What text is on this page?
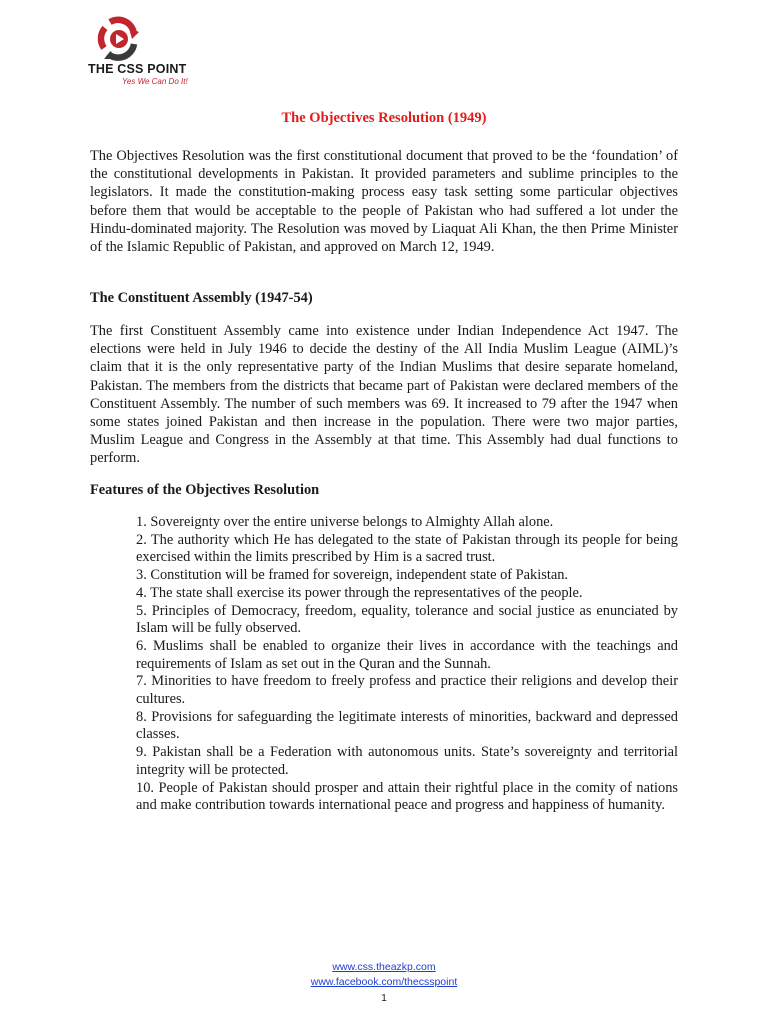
THE CSS POINT
Yes We Can Do It!
The Objectives Resolution (1949)

The Objectives Resolution was the first constitutional document that proved to be the ‘foundation’ of the constitutional developments in Pakistan. It provided parameters and sublime principles to the legislators. It made the constitution-making process easy task setting some particular objectives before them that would be acceptable to the people of Pakistan who had suffered a lot under the Hindu-dominated majority. The Resolution was moved by Liaquat Ali Khan, the then Prime Minister of the Islamic Republic of Pakistan, and approved on March 12, 1949.

The Constituent Assembly (1947-54)

The first Constituent Assembly came into existence under Indian Independence Act 1947. The elections were held in July 1946 to decide the destiny of the All India Muslim League (AIML)’s claim that it is the only representative party of the Indian Muslims that desire separate homeland, Pakistan. The members from the districts that became part of Pakistan were declared members of the Constituent Assembly. The number of such members was 69. It increased to 79 after the 1947 when some states joined Pakistan and then increase in the population. There were two major parties, Muslim League and Congress in the Assembly at that time. This Assembly had dual functions to perform.

Features of the Objectives Resolution
1. Sovereignty over the entire universe belongs to Almighty Allah alone.
2. The authority which He has delegated to the state of Pakistan through its people for being exercised within the limits prescribed by Him is a sacred trust.
3. Constitution will be framed for sovereign, independent state of Pakistan.
4. The state shall exercise its power through the representatives of the people.
5. Principles of Democracy, freedom, equality, tolerance and social justice as enunciated by Islam will be fully observed.
6. Muslims shall be enabled to organize their lives in accordance with the teachings and requirements of Islam as set out in the Quran and the Sunnah.
7. Minorities to have freedom to freely profess and practice their religions and develop their cultures.
8. Provisions for safeguarding the legitimate interests of minorities, backward and depressed classes.
9. Pakistan shall be a Federation with autonomous units. State’s sovereignty and territorial integrity will be protected.
10. People of Pakistan should prosper and attain their rightful place in the comity of nations and make contribution towards international peace and progress and happiness of humanity.
www.css.theazkp.com
www.facebook.com/thecsspoint
1
